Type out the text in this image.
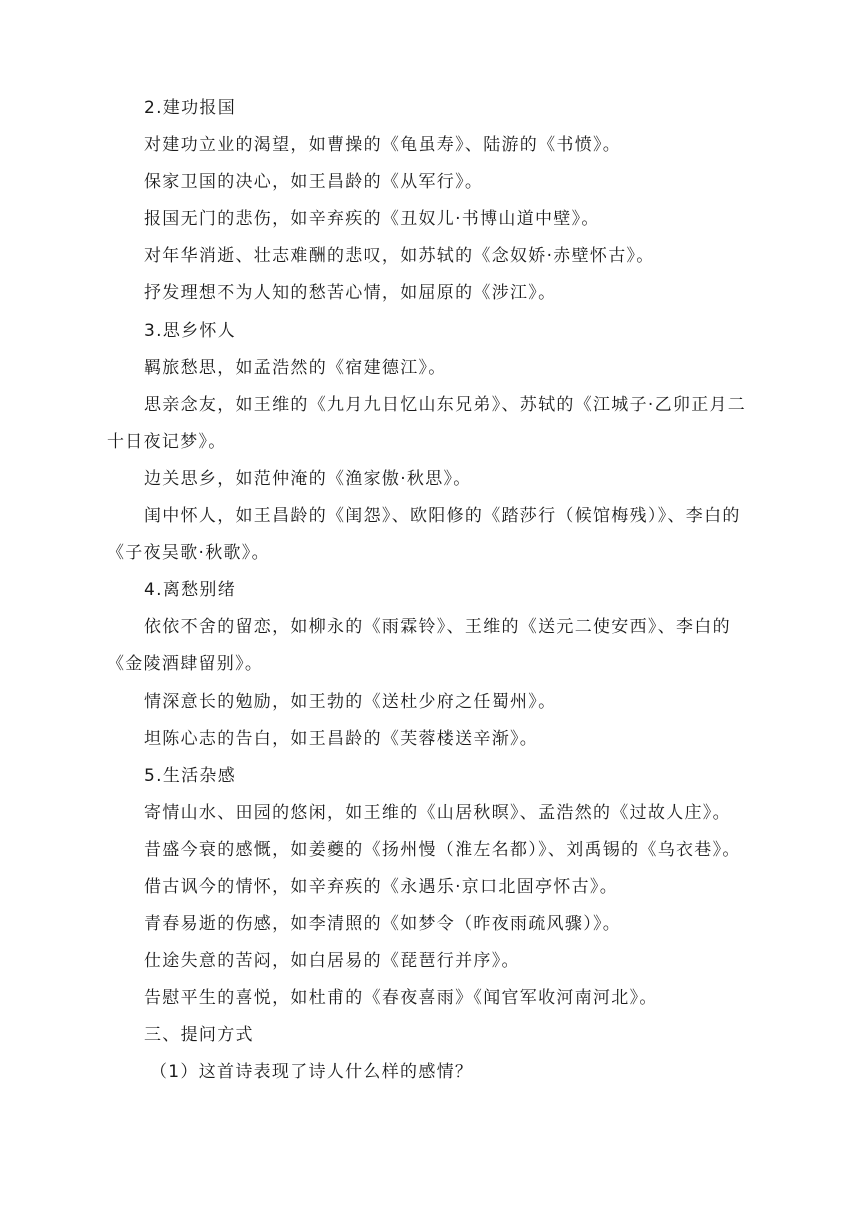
2.建功报国

对建功立业的渴望，如曹操的《龟虽寿》、陆游的《书愤》。

保家卫国的决心，如王昌龄的《从军行》。

报国无门的悲伤，如辛弃疾的《丑奴儿·书博山道中壁》。

对年华消逝、壮志难酬的悲叹，如苏轼的《念奴娇·赤壁怀古》。

抒发理想不为人知的愁苦心情，如屈原的《涉江》。

3.思乡怀人

羁旅愁思，如孟浩然的《宿建德江》。

思亲念友，如王维的《九月九日忆山东兄弟》、苏轼的《江城子·乙卯正月二十日夜记梦》。

边关思乡，如范仲淹的《渔家傲·秋思》。

闺中怀人，如王昌龄的《闺怨》、欧阳修的《踏莎行（候馆梅残）》、李白的《子夜吴歌·秋歌》。

4.离愁别绪

依依不舍的留恋，如柳永的《雨霖铃》、王维的《送元二使安西》、李白的《金陵酒肆留别》。

情深意长的勉励，如王勃的《送杜少府之任蜀州》。

坦陈心志的告白，如王昌龄的《芙蓉楼送辛渐》。

5.生活杂感

寄情山水、田园的悠闲，如王维的《山居秋暝》、孟浩然的《过故人庄》。

昔盛今衰的感慨，如姜夔的《扬州慢（淮左名都）》、刘禹锡的《乌衣巷》。

借古讽今的情怀，如辛弃疾的《永遇乐·京口北固亭怀古》。

青春易逝的伤感，如李清照的《如梦令（昨夜雨疏风骤）》。

仕途失意的苦闷，如白居易的《琵琶行并序》。

告慰平生的喜悦，如杜甫的《春夜喜雨》《闻官军收河南河北》。

三、提问方式

（1）这首诗表现了诗人什么样的感情？
